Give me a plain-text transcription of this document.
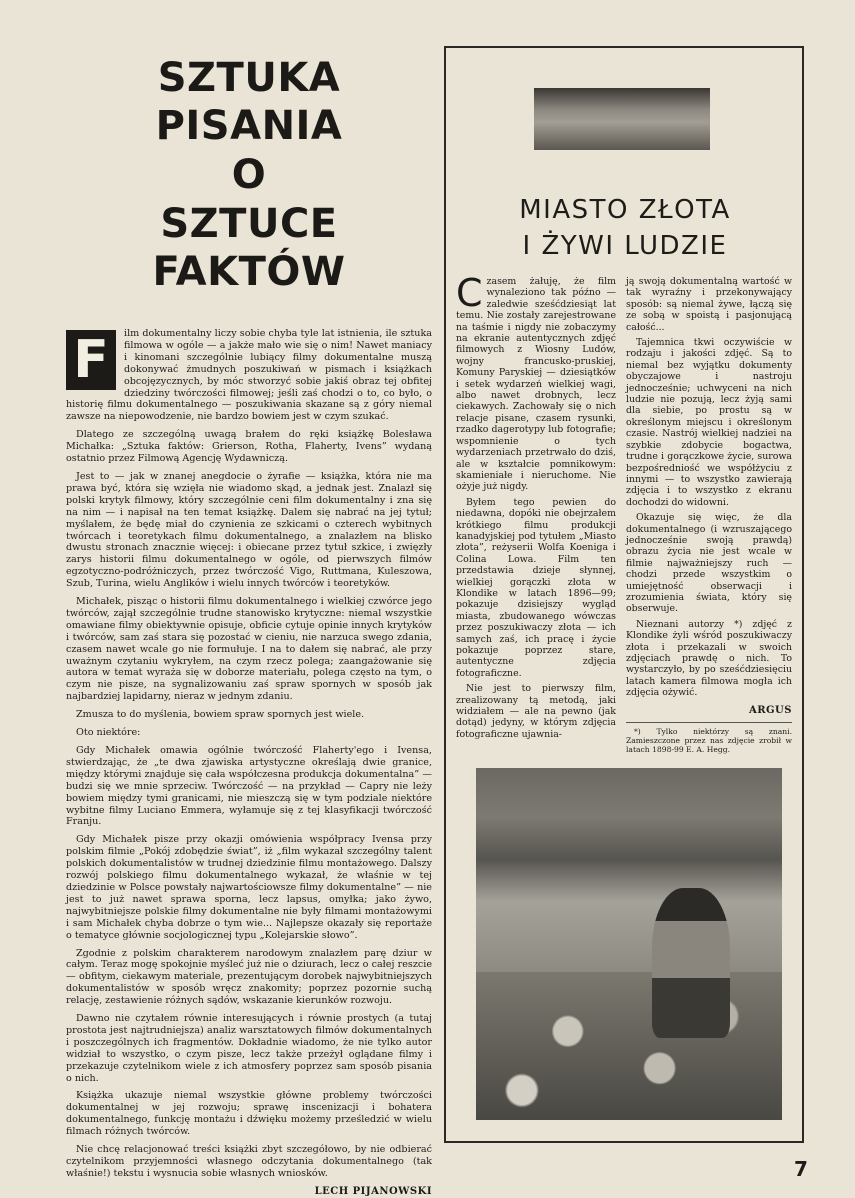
SZTUKA PISANIA
O
SZTUCE FAKTÓW

F	ilm dokumentalny liczy sobie chyba tyle lat istnienia, ile sztuka filmowa w ogóle — a jakże mało wie się o nim! Nawet maniacy i kinomani szczególnie lubiący filmy dokumentalne muszą dokonywać żmudnych poszukiwań w pismach i książkach obcojęzycznych, by móc stworzyć sobie jakiś obraz tej obfitej dziedziny twórczości filmowej; jeśli zaś chodzi o to, co było, o historię filmu dokumentalnego — poszukiwania skazane są z góry niemal zawsze na niepowodzenie, nie bardzo bowiem jest w czym szukać.

Dlatego ze szczególną uwagą brałem do ręki książkę Bolesława Michałka: „Sztuka faktów: Grierson, Rotha, Flaherty, Ivens” wydaną ostatnio przez Filmową Agencję Wydawniczą.

Jest to — jak w znanej anegdocie o żyrafie — książka, która nie ma prawa być, która się wzięła nie wiadomo skąd, a jednak jest. Znalazł się polski krytyk filmowy, który szczególnie ceni film dokumentalny i zna się na nim — i napisał na ten temat książkę. Dalem się nabrać na jej tytuł; myślałem, że będę miał do czynienia ze szkicami o czterech wybitnych twórcach i teoretykach filmu dokumentalnego, a znalazłem na blisko dwustu stronach znacznie więcej: i obiecane przez tytuł szkice, i zwięzły zarys historii filmu dokumentalnego w ogóle, od pierwszych filmów egzotyczno-podróżniczych, przez twórczość Vigo, Ruttmana, Kuleszowa, Szub, Turina, wielu Anglików i wielu innych twórców i teoretyków.

Michałek, pisząc o historii filmu dokumentalnego i wielkiej czwórce jego twórców, zajął szczególnie trudne stanowisko krytyczne: niemal wszystkie omawiane filmy obiektywnie opisuje, obficie cytuje opinie innych krytyków i twórców, sam zaś stara się pozostać w cieniu, nie narzuca swego zdania, czasem nawet wcale go nie formułuje. I na to dałem się nabrać, ale przy uważnym czytaniu wykryłem, na czym rzecz polega; zaangażowanie się autora w temat wyraża się w doborze materiału, polega często na tym, o czym nie pisze, na sygnalizowaniu zaś spraw spornych w sposób jak najbardziej lapidarny, nieraz w jednym zdaniu.

Zmusza to do myślenia, bowiem spraw spornych jest wiele.

Oto niektóre:

Gdy Michałek omawia ogólnie twórczość Flaherty'ego i Ivensa, stwierdzając, że „te dwa zjawiska artystyczne określają dwie granice, między którymi znajduje się cała współczesna produkcja dokumentalna” — budzi się we mnie sprzeciw. Twórczość — na przykład — Capry nie leży bowiem między tymi granicami, nie mieszczą się w tym podziale niektóre wybitne filmy Luciano Emmera, wyłamuje się z tej klasyfikacji twórczość Franju.

Gdy Michałek pisze przy okazji omówienia współpracy Ivensa przy polskim filmie „Pokój zdobędzie świat”, iż „film wykazał szczególny talent polskich dokumentalistów w trudnej dziedzinie filmu montażowego. Dalszy rozwój polskiego filmu dokumentalnego wykazał, że właśnie w tej dziedzinie w Polsce powstały najwartościowsze filmy dokumentalne” — nie jest to już nawet sprawa sporna, lecz lapsus, omyłka; jako żywo, najwybitniejsze polskie filmy dokumentalne nie były filmami montażowymi i sam Michałek chyba dobrze o tym wie... Najlepsze okazały się reportaże o tematyce głównie socjologicznej typu „Kolejarskie słowo”.

Zgodnie z polskim charakterem narodowym znalazłem parę dziur w całym. Teraz mogę spokojnie myśleć już nie o dziurach, lecz o całej reszcie — obfitym, ciekawym materiale, prezentującym dorobek najwybitniejszych dokumentalistów w sposób wręcz znakomity; poprzez pozornie suchą relację, zestawienie różnych sądów, wskazanie kierunków rozwoju.

Dawno nie czytałem równie interesujących i równie prostych (a tutaj prostota jest najtrudniejsza) analiz warsztatowych filmów dokumentalnych i poszczególnych ich fragmentów. Dokładnie wiadomo, że nie tylko autor widział to wszystko, o czym pisze, lecz także przeżył oglądane filmy i przekazuje czytelnikom wiele z ich atmosfery poprzez sam sposób pisania o nich.

Książka ukazuje niemal wszystkie główne problemy twórczości dokumentalnej w jej rozwoju; sprawę inscenizacji i bohatera dokumentalnego, funkcję montażu i dźwięku możemy prześledzić w wielu filmach różnych twórców.

Nie chcę relacjonować treści książki zbyt szczegółowo, by nie odbierać czytelnikom przyjemności własnego odczytania dokumentalnego (tak właśnie!) tekstu i wysnucia sobie własnych wniosków.

LECH PIJANOWSKI
MIASTO ZŁOTA
I ŻYWI LUDZIE

Czasem żałuję, że film wynaleziono tak późno — zaledwie sześćdziesiąt lat temu. Nie zostały zarejestrowane na taśmie i nigdy nie zobaczymy na ekranie autentycznych zdjęć filmowych z Wiosny Ludów, wojny francusko-pruskiej, Komuny Paryskiej — dziesiątków i setek wydarzeń wielkiej wagi, albo nawet drobnych, lecz ciekawych. Zachowały się o nich relacje pisane, czasem rysunki, rzadko dagerotypy lub fotografie; wspomnienie o tych wydarzeniach przetrwało do dziś, ale w kształcie pomnikowym: skamieniałe i nieruchome. Nie ożyje już nigdy.

Byłem tego pewien do niedawna, dopóki nie obejrzałem krótkiego filmu produkcji kanadyjskiej pod tytułem „Miasto złota”, reżyserii Wolfa Koeniga i Colina Lowa. Film ten przedstawia dzieje słynnej, wielkiej gorączki złota w Klondike w latach 1896—99; pokazuje dzisiejszy wygląd miasta, zbudowanego wówczas przez poszukiwaczy złota — ich samych zaś, ich pracę i życie pokazuje poprzez stare, autentyczne zdjęcia fotograficzne.

Nie jest to pierwszy film, zrealizowany tą metodą, jaki widziałem — ale na pewno (jak dotąd) jedyny, w którym zdjęcia fotograficzne ujawnia-

ją swoją dokumentalną wartość w tak wyraźny i przekonywający sposób: są niemal żywe, łączą się ze sobą w spoistą i pasjonującą całość...

Tajemnica tkwi oczywiście w rodzaju i jakości zdjęć. Są to niemal bez wyjątku dokumenty obyczajowe i nastroju jednocześnie; uchwyceni na nich ludzie nie pozują, lecz żyją sami dla siebie, po prostu są w określonym miejscu i określonym czasie. Nastrój wielkiej nadziei na szybkie zdobycie bogactwa, trudne i gorączkowe życie, surowa bezpośredniość we współżyciu z innymi — to wszystko zawierają zdjęcia i to wszystko z ekranu dochodzi do widowni.

Okazuje się więc, że dla dokumentalnego (i wzruszającego jednocześnie swoją prawdą) obrazu życia nie jest wcale w filmie najważniejszy ruch — chodzi przede wszystkim o umiejętność obserwacji i zrozumienia świata, który się obserwuje.

Nieznani autorzy *) zdjęć z Klondike żyli wśród poszukiwaczy złota i przekazali w swoich zdjęciach prawdę o nich. To wystarczyło, by po sześćdziesięciu latach kamera filmowa mogła ich zdjęcia ożywić.

ARGUS
*) Tylko niektórzy są znani. Zamieszczone przez nas zdjęcie zrobił w latach 1898-99 E. A. Hegg.
7
